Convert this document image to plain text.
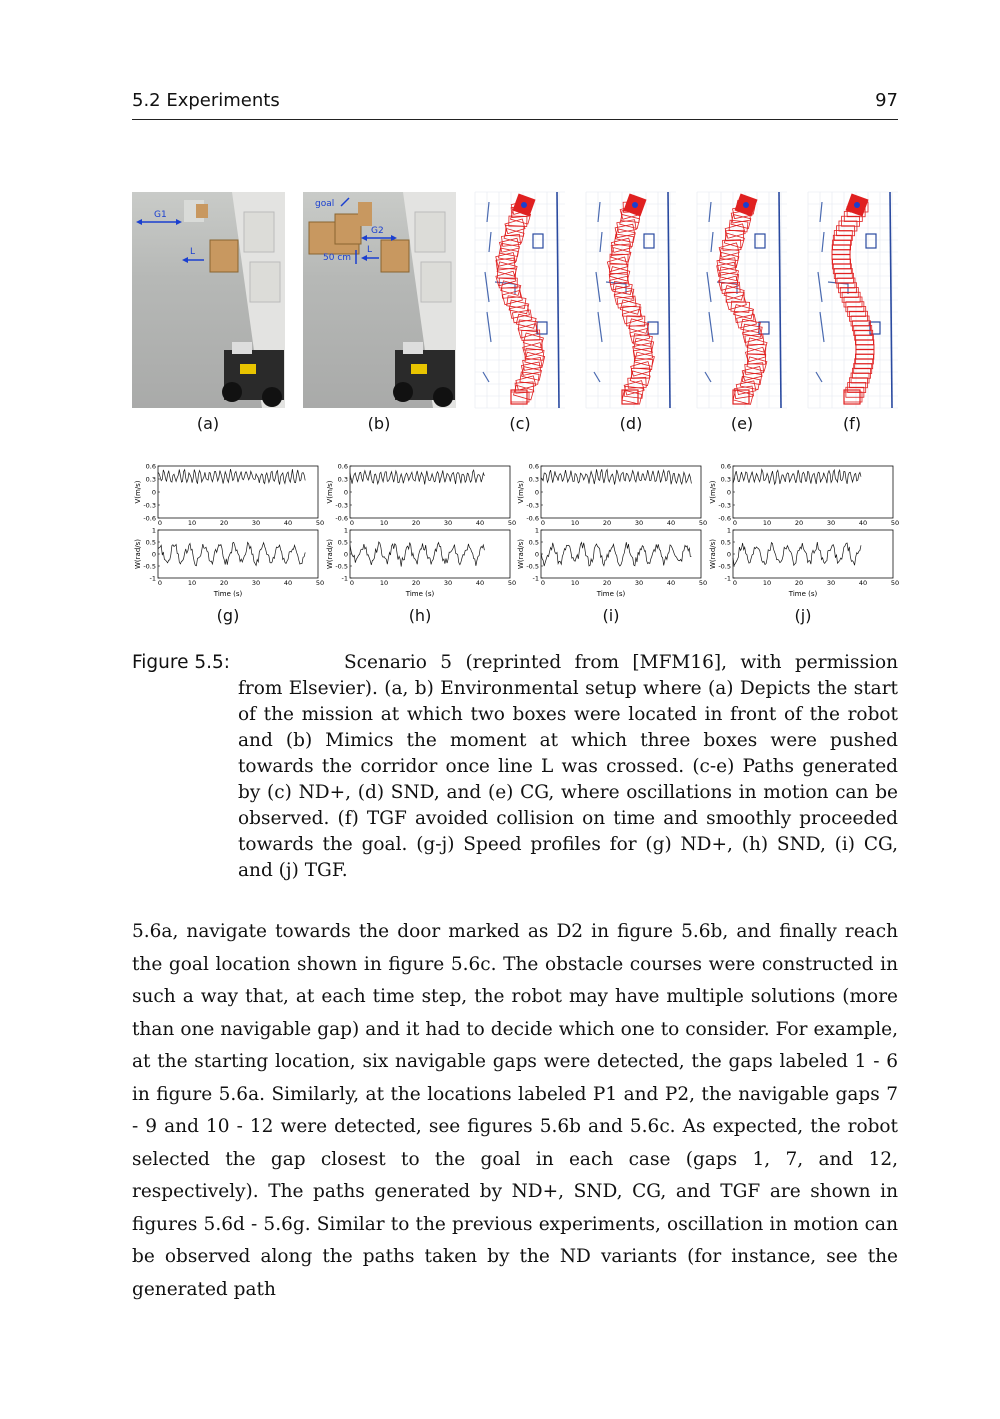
5.2 Experiments	97
G1
L
goal
G2
L
50 cm
(a)	(b)	(c)	(d)	(e)	(f)
0.6
0.3
0
-0.3
-0.6
0	10	20	30	40	50
V(m/s)
1
0.5
0
-0.5
-1
0	10	20	30	40	50
W(rad/s)
Time (s)
0.6
0.3
0
-0.3
-0.6
0	10	20	30	40	50
V(m/s)
1
0.5
0
-0.5
-1
0	10	20	30	40	50
W(rad/s)
Time (s)
0.6
0.3
0
-0.3
-0.6
0	10	20	30	40	50
V(m/s)
1
0.5
0
-0.5
-1
0	10	20	30	40	50
W(rad/s)
Time (s)
0.6
0.3
0
-0.3
-0.6
0	10	20	30	40	50
V(m/s)
1
0.5
0
-0.5
-1
0	10	20	30	40	50
W(rad/s)
Time (s)
(g)	(h)	(i)	(j)
Figure 5.5:	Scenario 5 (reprinted from [MFM16], with permission from Elsevier). (a, b) Environmental setup where (a) Depicts the start of the mission at which two boxes were located in front of the robot and (b) Mimics the moment at which three boxes were pushed towards the corridor once line L was crossed. (c-e) Paths generated by (c) ND+, (d) SND, and (e) CG, where oscillations in motion can be observed. (f) TGF avoided collision on time and smoothly proceeded towards the goal. (g-j) Speed profiles for (g) ND+, (h) SND, (i) CG, and (j) TGF.

5.6a, navigate towards the door marked as D2 in figure 5.6b, and finally reach the goal location shown in figure 5.6c. The obstacle courses were constructed in such a way that, at each time step, the robot may have multiple solutions (more than one navigable gap) and it had to decide which one to consider. For example, at the starting location, six navigable gaps were detected, the gaps labeled 1 - 6 in figure 5.6a. Similarly, at the locations labeled P1 and P2, the navigable gaps 7 - 9 and 10 - 12 were detected, see figures 5.6b and 5.6c. As expected, the robot selected the gap closest to the goal in each case (gaps 1, 7, and 12, respectively). The paths generated by ND+, SND, CG, and TGF are shown in figures 5.6d - 5.6g. Similar to the previous experiments, oscillation in motion can be observed along the paths taken by the ND variants (for instance, see the generated path
